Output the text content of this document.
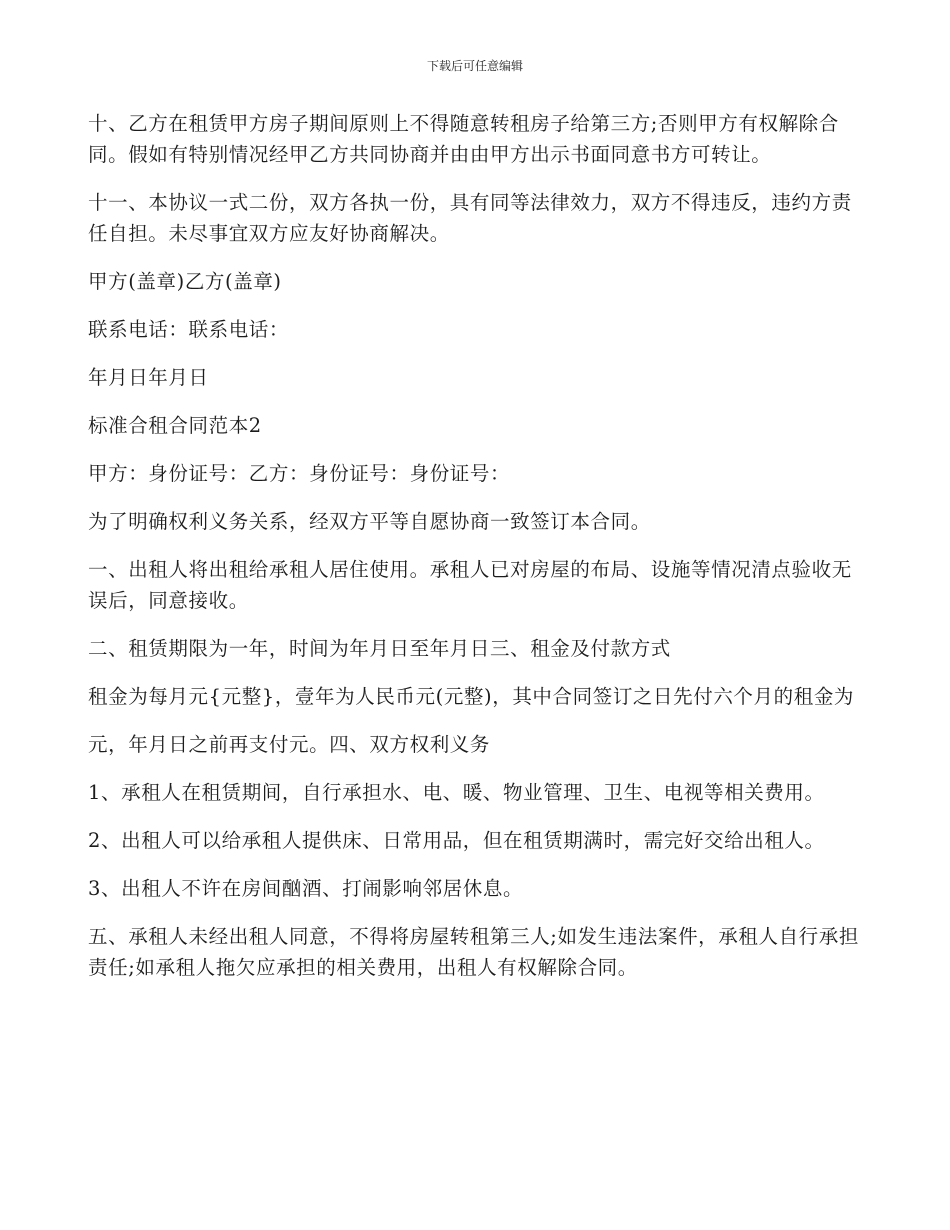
下载后可任意编辑

十、乙方在租赁甲方房子期间原则上不得随意转租房子给第三方;否则甲方有权解除合同。假如有特别情况经甲乙方共同协商并由由甲方出示书面同意书方可转让。

十一、本协议一式二份，双方各执一份，具有同等法律效力，双方不得违反，违约方责任自担。未尽事宜双方应友好协商解决。

甲方(盖章)乙方(盖章)

联系电话：联系电话：

年月日年月日

标准合租合同范本2

甲方：身份证号：乙方：身份证号：身份证号：

为了明确权利义务关系，经双方平等自愿协商一致签订本合同。

一、出租人将出租给承租人居住使用。承租人已对房屋的布局、设施等情况清点验收无误后，同意接收。

二、租赁期限为一年，时间为年月日至年月日三、租金及付款方式

租金为每月元{元整}，壹年为人民币元(元整)，其中合同签订之日先付六个月的租金为

元，年月日之前再支付元。四、双方权利义务

1、承租人在租赁期间，自行承担水、电、暖、物业管理、卫生、电视等相关费用。

2、出租人可以给承租人提供床、日常用品，但在租赁期满时，需完好交给出租人。

3、出租人不许在房间酗酒、打闹影响邻居休息。

五、承租人未经出租人同意，不得将房屋转租第三人;如发生违法案件，承租人自行承担责任;如承租人拖欠应承担的相关费用，出租人有权解除合同。
